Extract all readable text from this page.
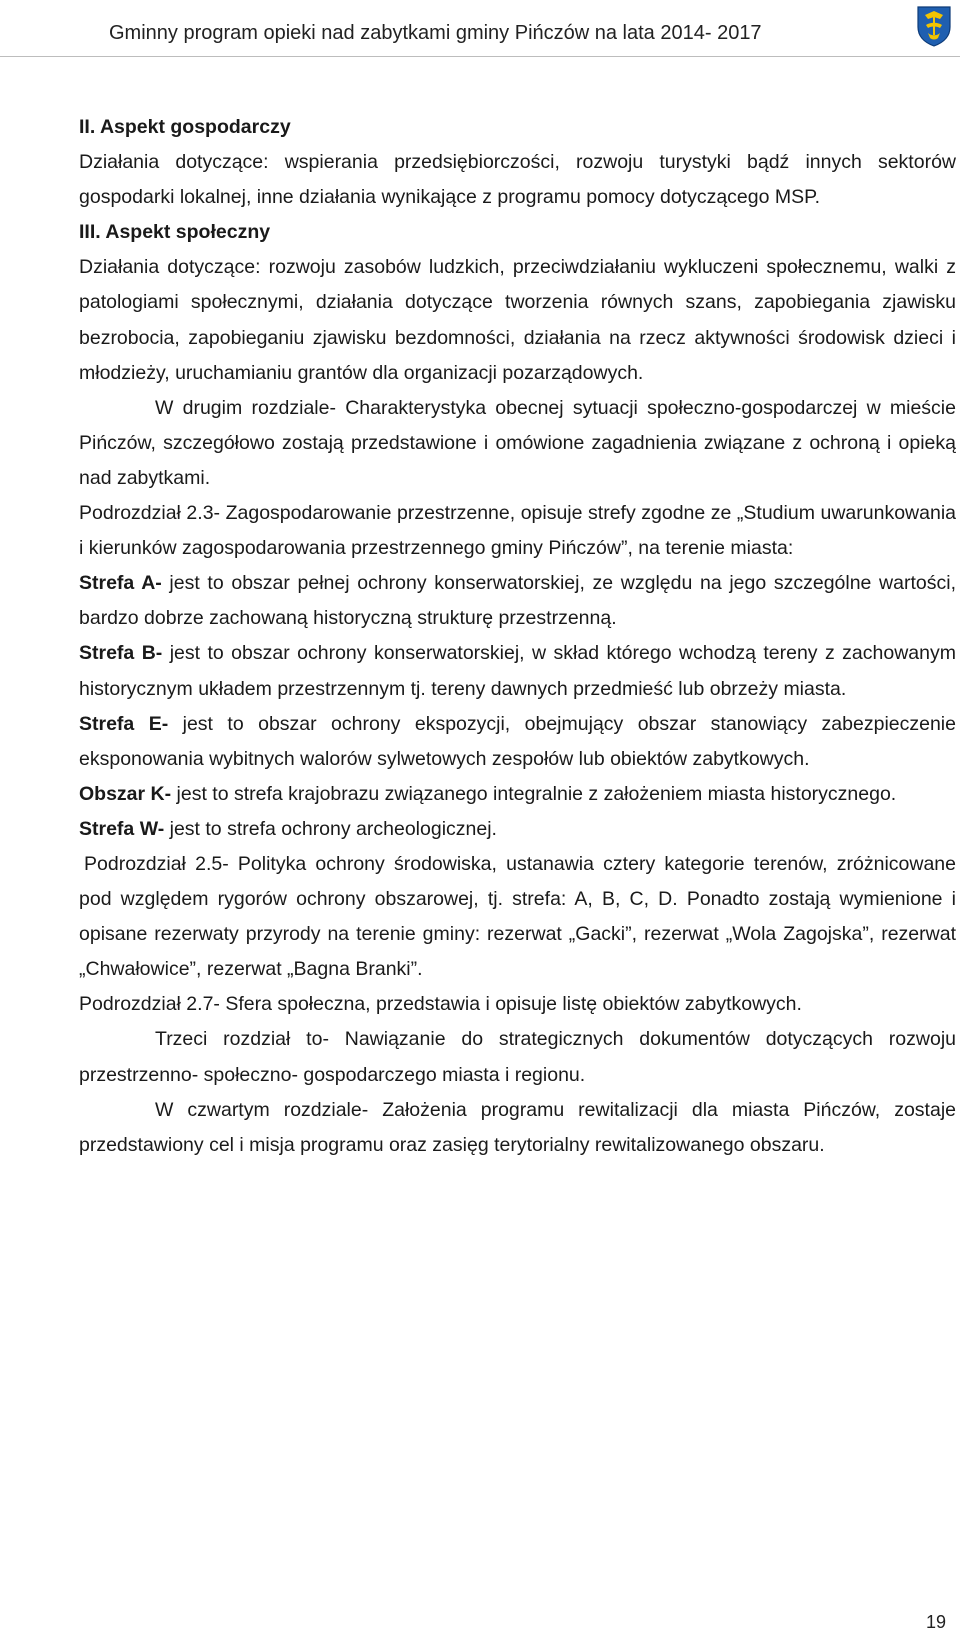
Gminny program opieki nad zabytkami gminy Pińczów na lata 2014- 2017

II. Aspekt gospodarczy

Działania dotyczące: wspierania przedsiębiorczości, rozwoju turystyki bądź innych sektorów gospodarki lokalnej, inne działania wynikające z programu pomocy dotyczącego MSP.

III. Aspekt społeczny

Działania dotyczące: rozwoju zasobów ludzkich, przeciwdziałaniu wykluczeni społecznemu, walki z patologiami społecznymi, działania dotyczące tworzenia równych szans, zapobiegania zjawisku bezrobocia, zapobieganiu zjawisku bezdomności, działania na rzecz aktywności środowisk dzieci i młodzieży, uruchamianiu grantów dla organizacji pozarządowych.

W drugim rozdziale- Charakterystyka obecnej sytuacji społeczno-gospodarczej w mieście Pińczów, szczegółowo zostają przedstawione i omówione zagadnienia związane z ochroną i opieką nad zabytkami.

Podrozdział 2.3- Zagospodarowanie przestrzenne, opisuje strefy zgodne ze „Studium uwarunkowania i kierunków zagospodarowania przestrzennego gminy Pińczów”, na terenie miasta:

Strefa A- jest to obszar pełnej ochrony konserwatorskiej, ze względu na jego szczególne wartości, bardzo dobrze zachowaną historyczną strukturę przestrzenną.

Strefa B- jest to obszar ochrony konserwatorskiej, w skład którego wchodzą tereny z zachowanym historycznym układem przestrzennym tj. tereny dawnych przedmieść lub obrzeży miasta.

Strefa E- jest to obszar ochrony ekspozycji, obejmujący obszar stanowiący zabezpieczenie eksponowania wybitnych walorów sylwetowych zespołów lub obiektów zabytkowych.

Obszar K- jest to strefa krajobrazu związanego integralnie z założeniem miasta historycznego.

Strefa W- jest to strefa ochrony archeologicznej.

Podrozdział 2.5- Polityka ochrony środowiska, ustanawia cztery kategorie terenów, zróżnicowane pod względem rygorów ochrony obszarowej, tj. strefa: A, B, C, D. Ponadto zostają wymienione i opisane rezerwaty przyrody na terenie gminy: rezerwat „Gacki”, rezerwat „Wola Zagojska”, rezerwat „Chwałowice”, rezerwat „Bagna Branki”.

Podrozdział 2.7- Sfera społeczna, przedstawia i opisuje listę obiektów zabytkowych.

Trzeci rozdział to- Nawiązanie do strategicznych dokumentów dotyczących rozwoju przestrzenno- społeczno- gospodarczego miasta i regionu.

W czwartym rozdziale- Założenia programu rewitalizacji dla miasta Pińczów, zostaje przedstawiony cel i misja programu oraz zasięg terytorialny rewitalizowanego obszaru.

19
